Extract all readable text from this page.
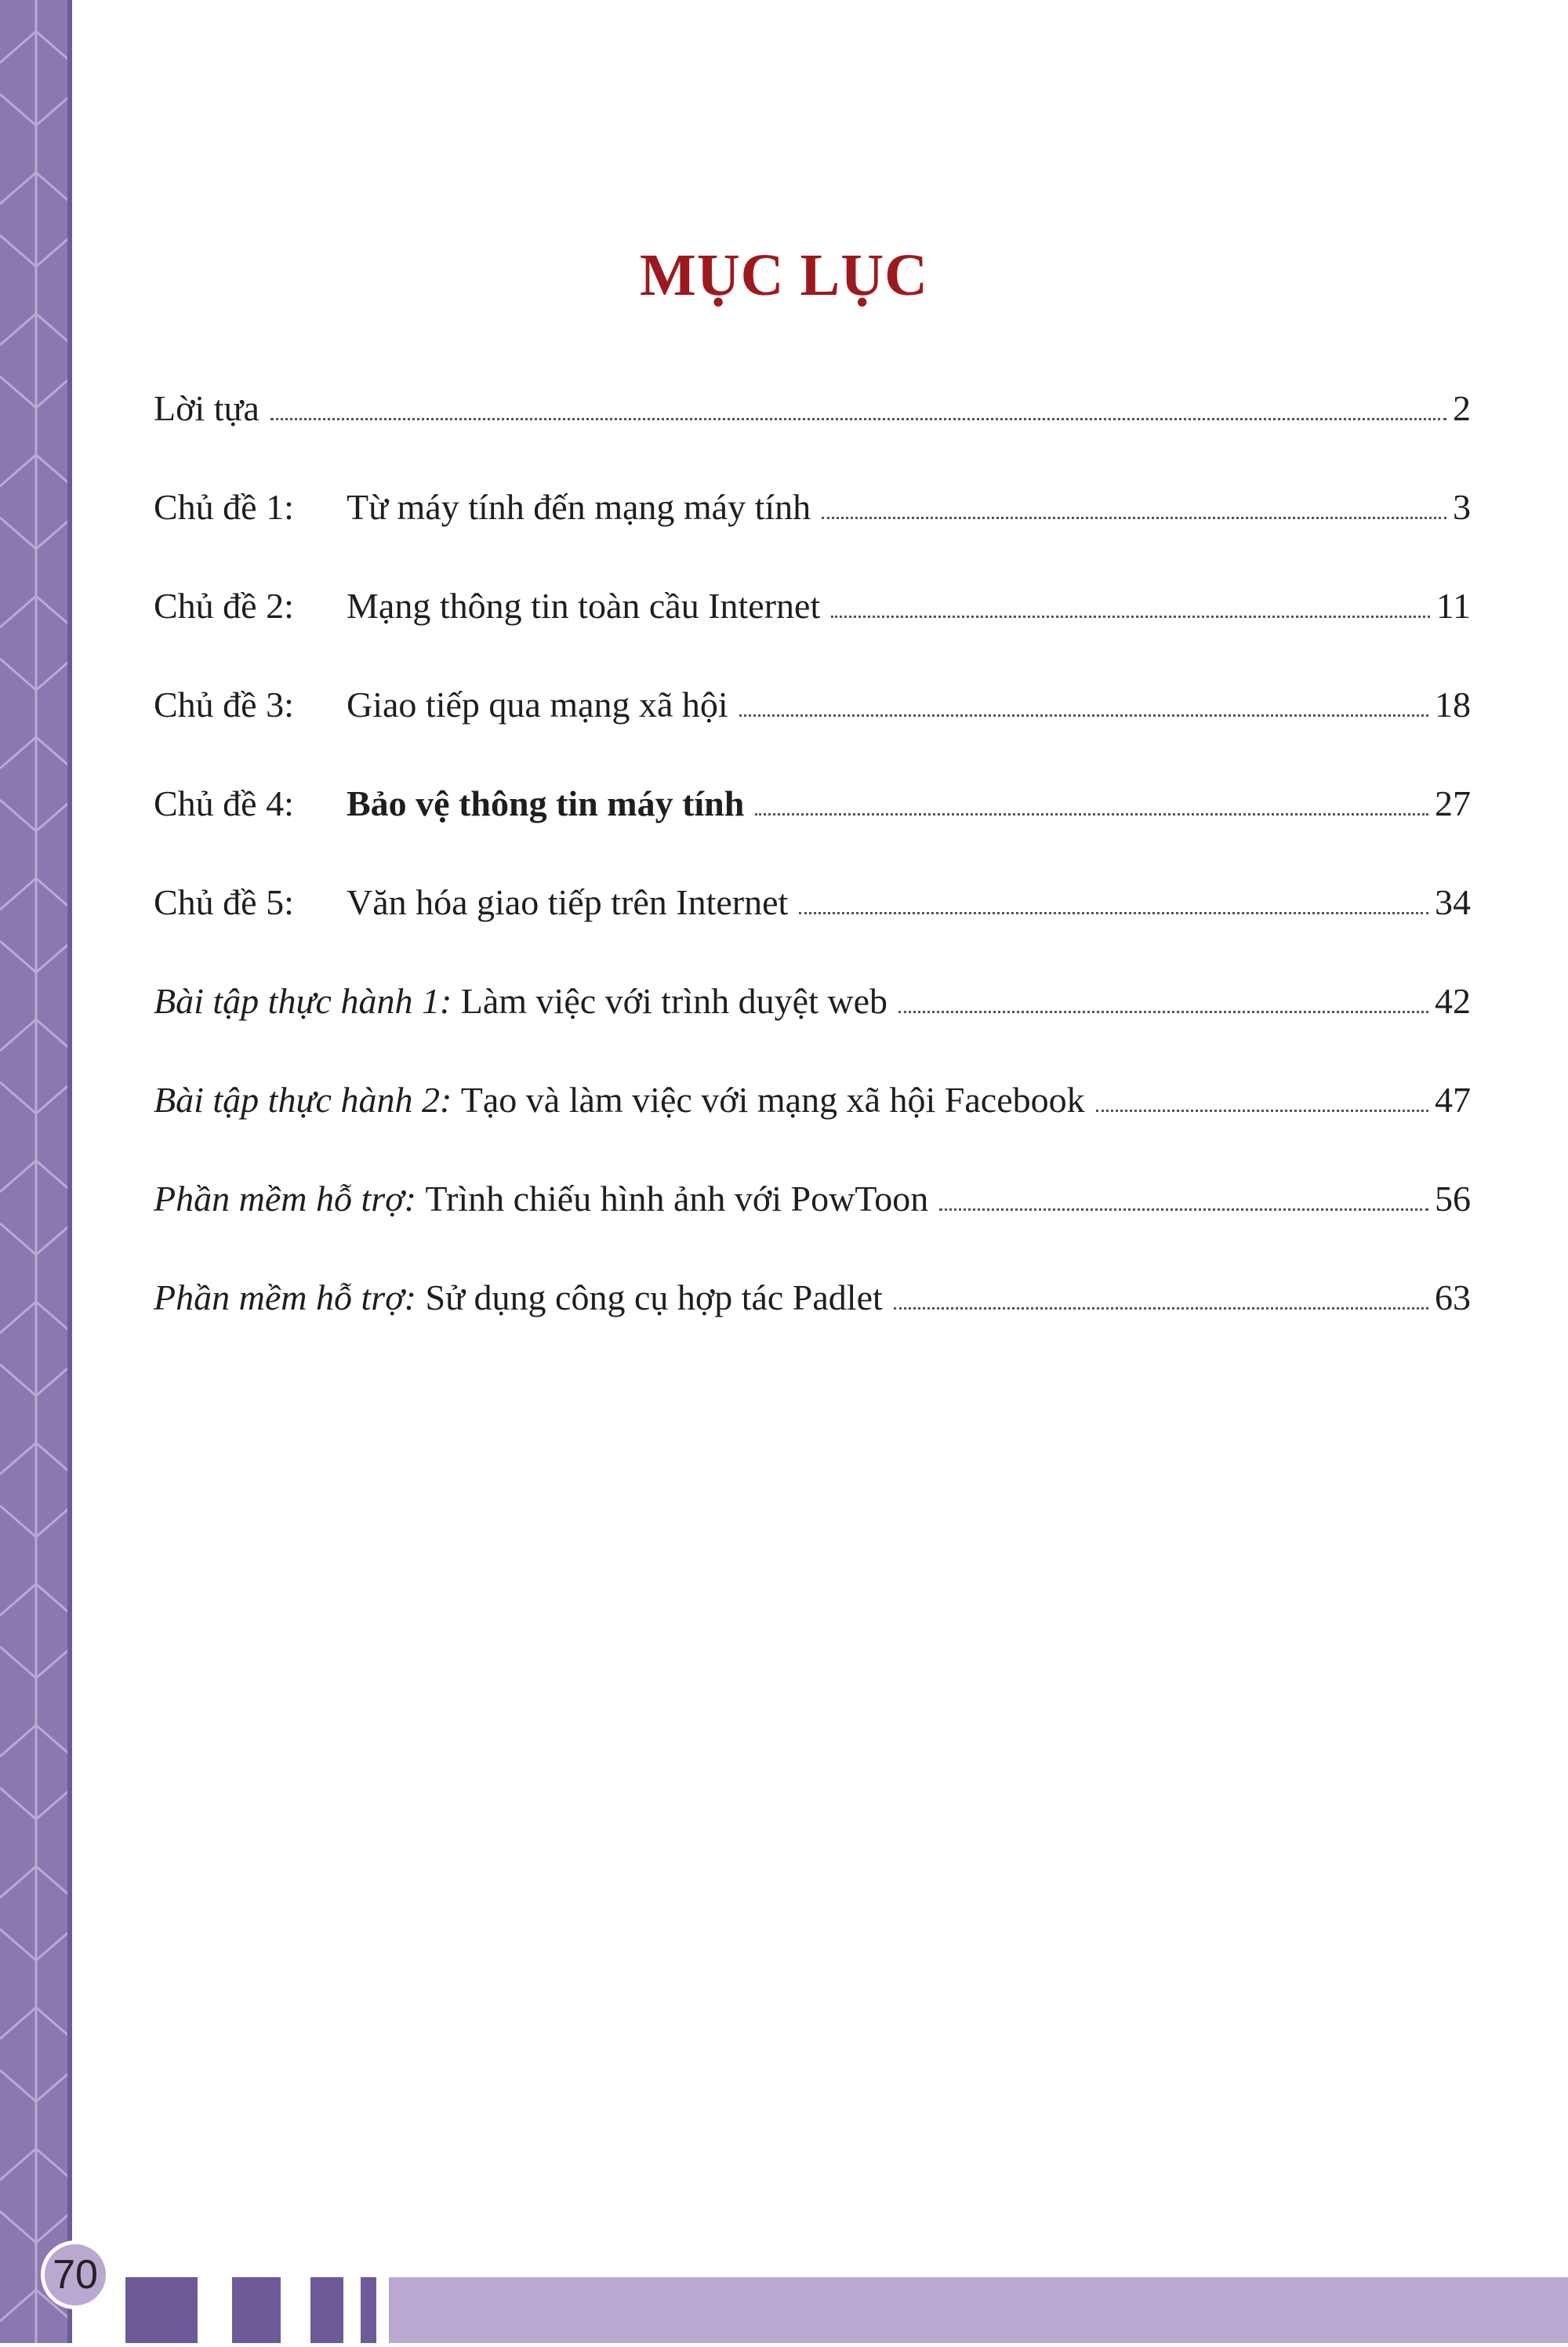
70
MỤC LỤC
Lời tựa	2
Chủ đề 1:	Từ máy tính đến mạng máy tính	3
Chủ đề 2:	Mạng thông tin toàn cầu Internet	11
Chủ đề 3:	Giao tiếp qua mạng xã hội	18
Chủ đề 4:	Bảo vệ thông tin máy tính	27
Chủ đề 5:	Văn hóa giao tiếp trên Internet	34
Bài tập thực hành 1: Làm việc với trình duyệt web	42
Bài tập thực hành 2: Tạo và làm việc với mạng xã hội Facebook	47
Phần mềm hỗ trợ: Trình chiếu hình ảnh với PowToon	56
Phần mềm hỗ trợ: Sử dụng công cụ hợp tác Padlet	63
